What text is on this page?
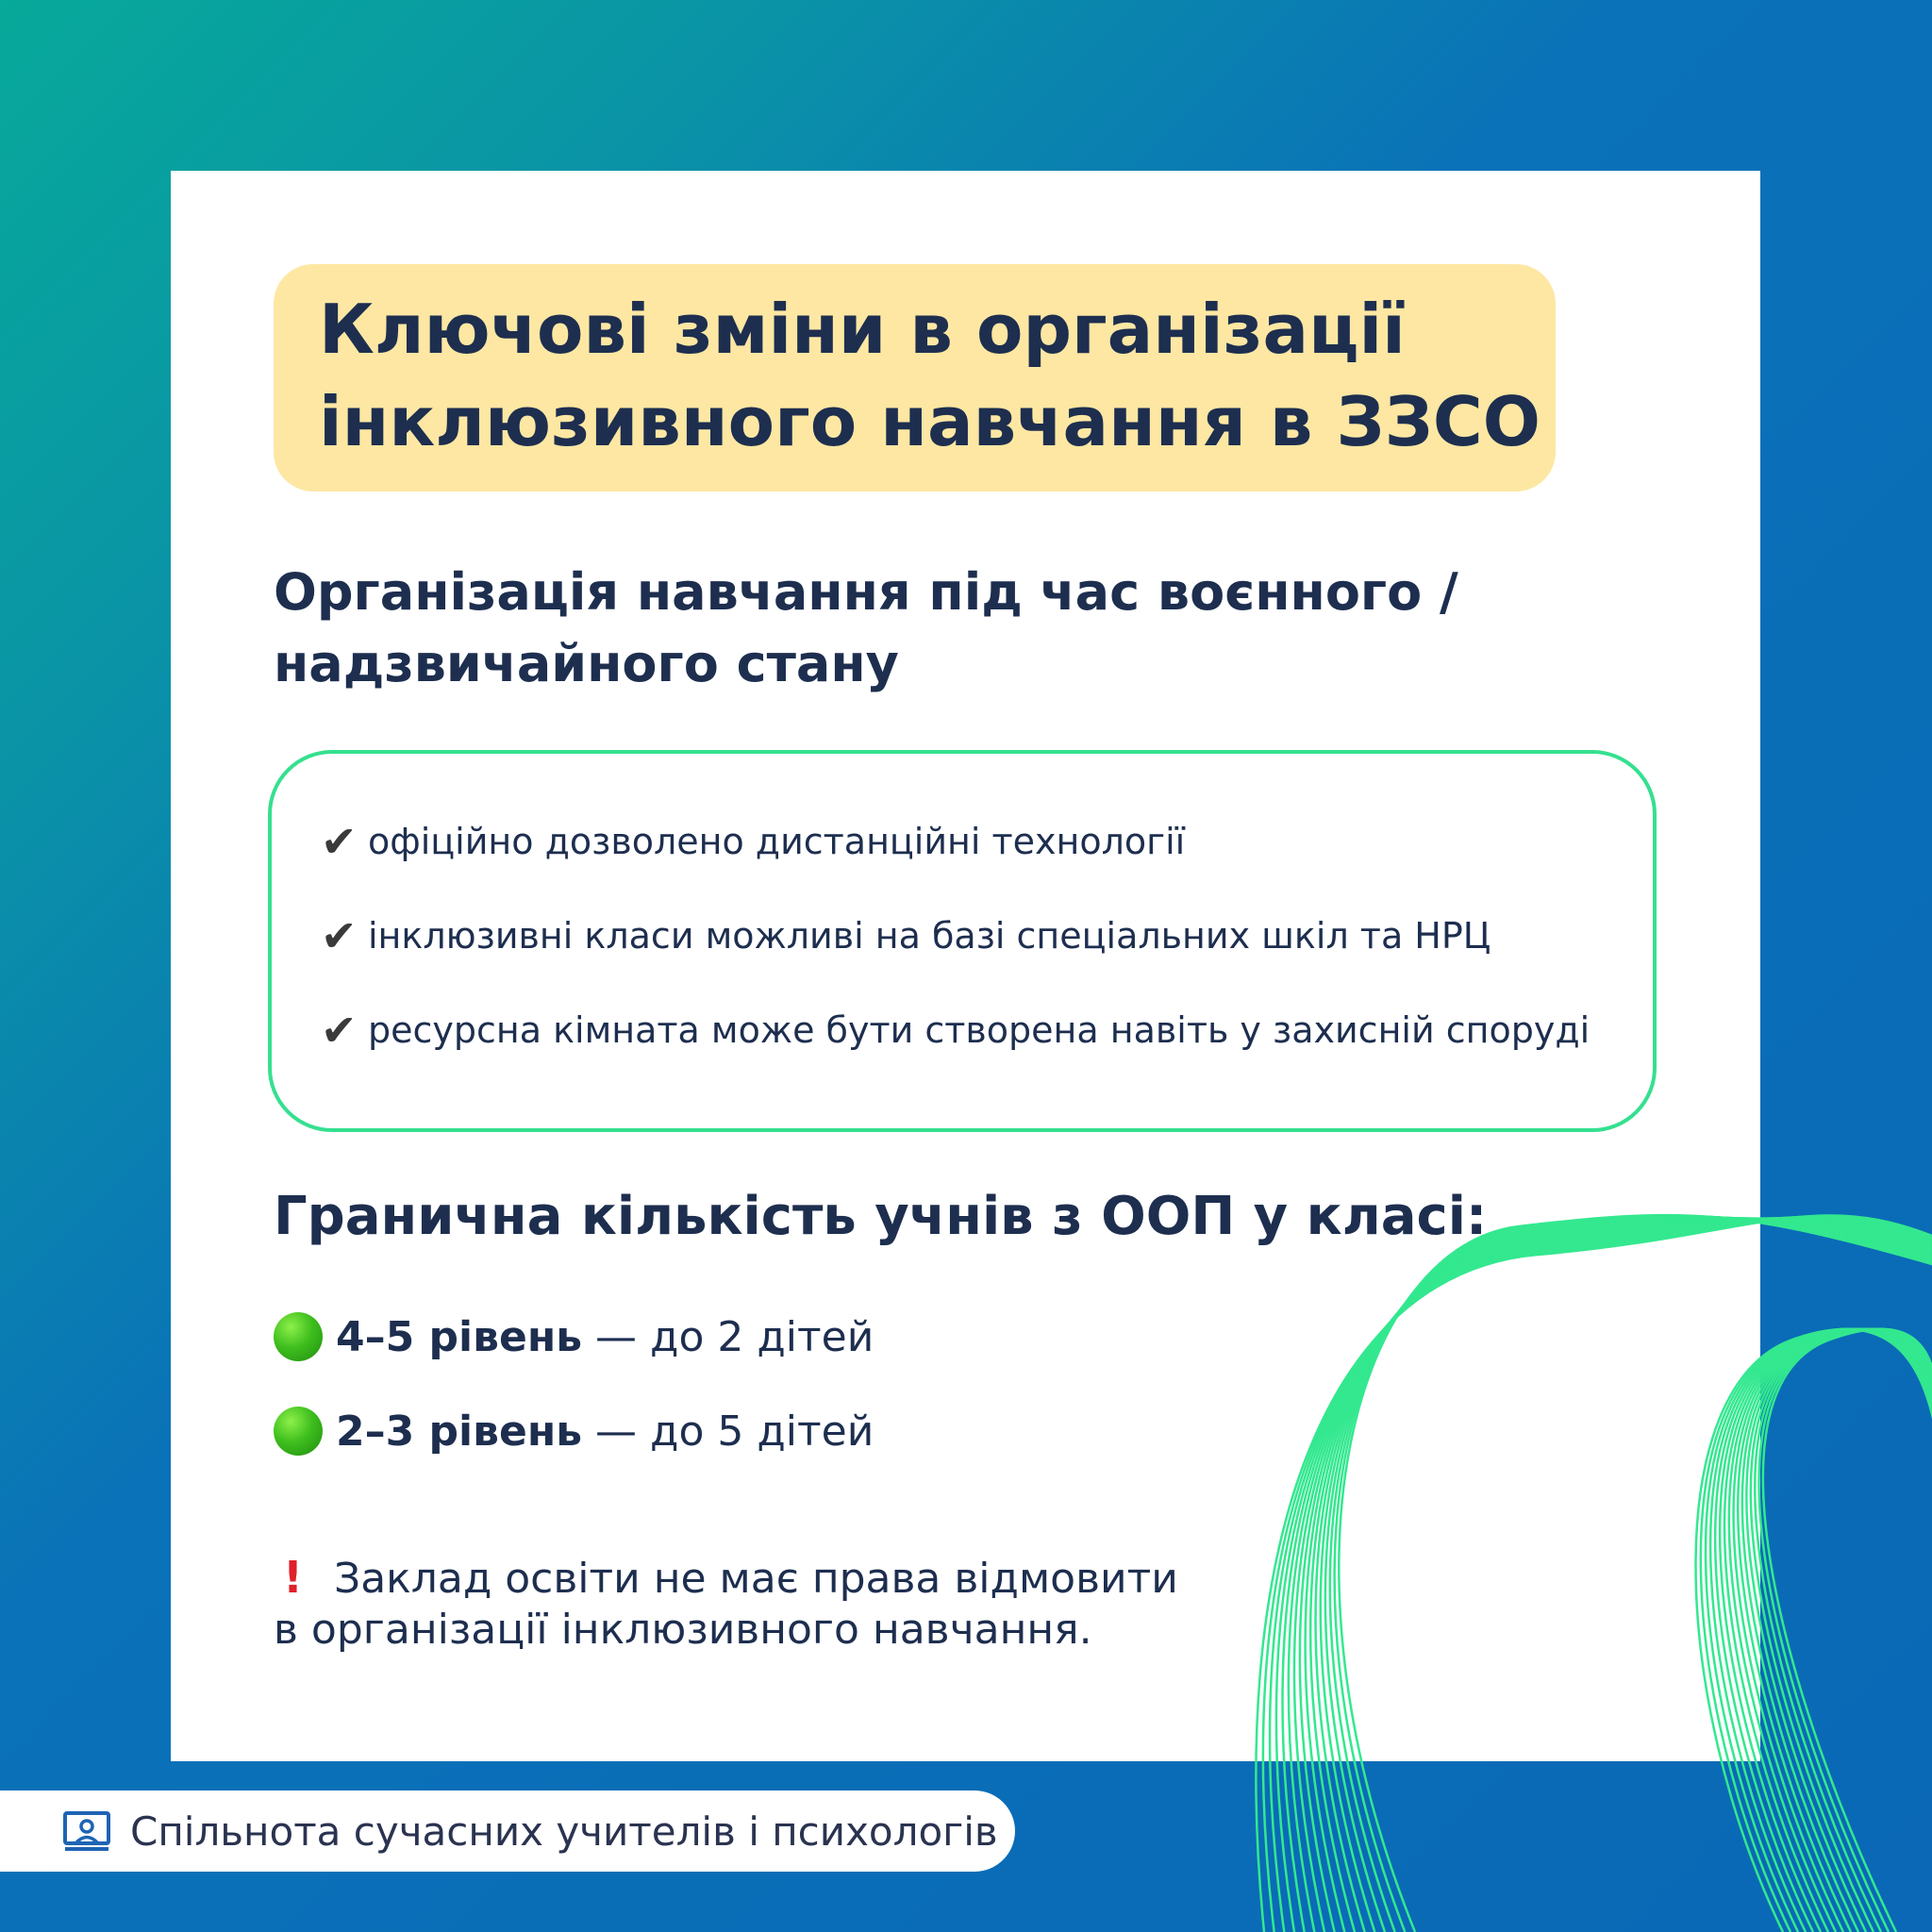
Ключові зміни в організації
інклюзивного навчання в ЗЗСО
Організація навчання під час воєнного /
надзвичайного стану
✔ офіційно дозволено дистанційні технології
✔ інклюзивні класи можливі на базі спеціальних шкіл та НРЦ
✔ ресурсна кімната може бути створена навіть у захисній споруді
Гранична кількість учнів з ООП у класі:
4–5 рівень — до 2 дітей
2–3 рівень — до 5 дітей
! Заклад освіти не має права відмовити
в організації інклюзивного навчання.
Спільнота сучасних учителів і психологів
